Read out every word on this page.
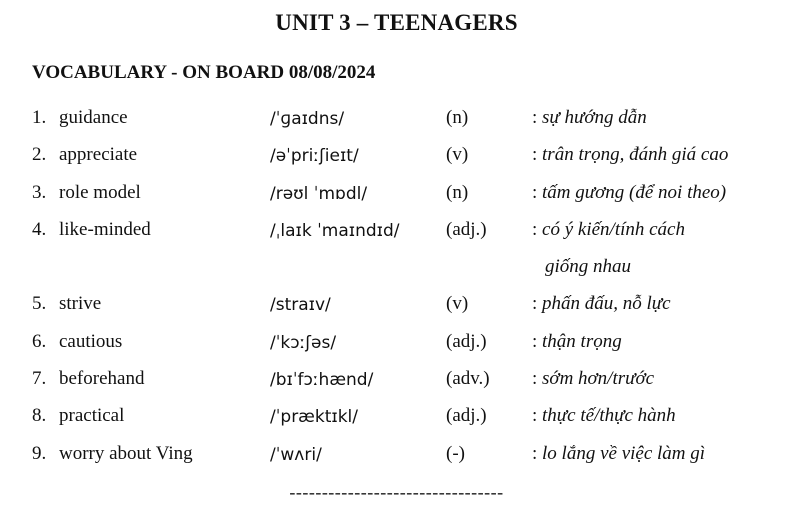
UNIT 3 – TEENAGERS
VOCABULARY - ON BOARD 08/08/2024
1. guidance	/ˈɡaɪdns/	(n)	: sự hướng dẫn
2. appreciate	/əˈpriːʃieɪt/	(v)	: trân trọng, đánh giá cao
3. role model	/rəʊl ˈmɒdl/	(n)	: tấm gương (để noi theo)
4. like-minded	/ˌlaɪk ˈmaɪndɪd/ (adj.) : có ý kiến/tính cách
giống nhau
5. strive	/straɪv/	(v)	: phấn đấu, nỗ lực
6. cautious	/ˈkɔːʃəs/	(adj.) : thận trọng
7. beforehand	/bɪˈfɔːhænd/	(adv.) : sớm hơn/trước
8. practical	/ˈpræktɪkl/	(adj.) : thực tế/thực hành
9. worry about Ving	/ˈwʌri/	(-)	: lo lắng về việc làm gì
---------------------------------
